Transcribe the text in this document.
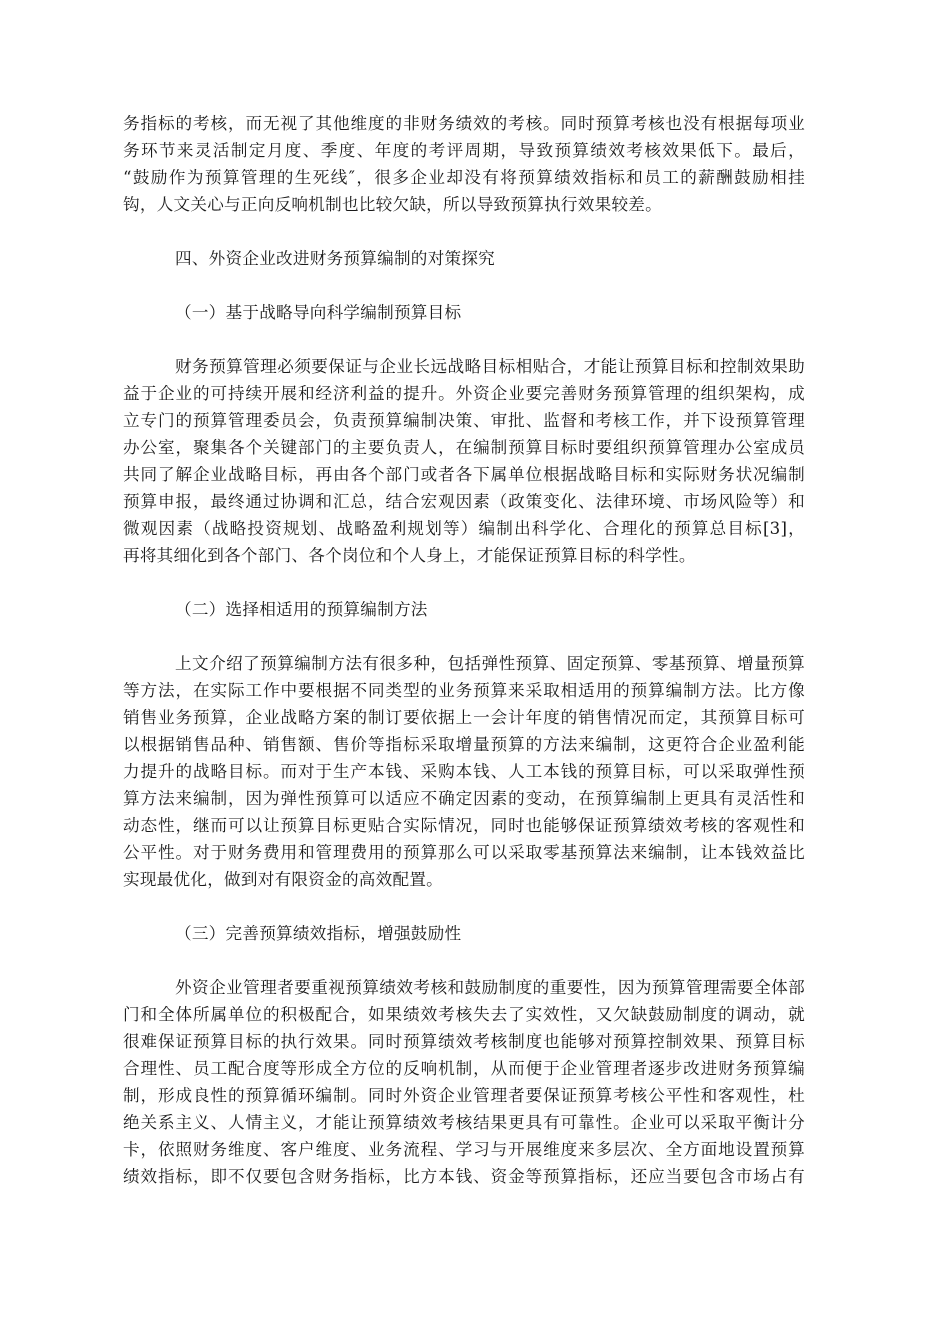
务指标的考核，而无视了其他维度的非财务绩效的考核。同时预算考核也没有根据每项业
务环节来灵活制定月度、季度、年度的考评周期，导致预算绩效考核效果低下。最后，
“鼓励作为预算管理的生死线″，很多企业却没有将预算绩效指标和员工的薪酬鼓励相挂
钩，人文关心与正向反响机制也比较欠缺，所以导致预算执行效果较差。
四、外资企业改进财务预算编制的对策探究
（一）基于战略导向科学编制预算目标
财务预算管理必须要保证与企业长远战略目标相贴合，才能让预算目标和控制效果助
益于企业的可持续开展和经济利益的提升。外资企业要完善财务预算管理的组织架构，成
立专门的预算管理委员会，负责预算编制决策、审批、监督和考核工作，并下设预算管理
办公室，聚集各个关键部门的主要负责人，在编制预算目标时要组织预算管理办公室成员
共同了解企业战略目标，再由各个部门或者各下属单位根据战略目标和实际财务状况编制
预算申报，最终通过协调和汇总，结合宏观因素（政策变化、法律环境、市场风险等）和
微观因素（战略投资规划、战略盈利规划等）编制出科学化、合理化的预算总目标[3]，
再将其细化到各个部门、各个岗位和个人身上，才能保证预算目标的科学性。
（二）选择相适用的预算编制方法
上文介绍了预算编制方法有很多种，包括弹性预算、固定预算、零基预算、增量预算
等方法，在实际工作中要根据不同类型的业务预算来采取相适用的预算编制方法。比方像
销售业务预算，企业战略方案的制订要依据上一会计年度的销售情况而定，其预算目标可
以根据销售品种、销售额、售价等指标采取增量预算的方法来编制，这更符合企业盈利能
力提升的战略目标。而对于生产本钱、采购本钱、人工本钱的预算目标，可以采取弹性预
算方法来编制，因为弹性预算可以适应不确定因素的变动，在预算编制上更具有灵活性和
动态性，继而可以让预算目标更贴合实际情况，同时也能够保证预算绩效考核的客观性和
公平性。对于财务费用和管理费用的预算那么可以采取零基预算法来编制，让本钱效益比
实现最优化，做到对有限资金的高效配置。
（三）完善预算绩效指标，增强鼓励性
外资企业管理者要重视预算绩效考核和鼓励制度的重要性，因为预算管理需要全体部
门和全体所属单位的积极配合，如果绩效考核失去了实效性，又欠缺鼓励制度的调动，就
很难保证预算目标的执行效果。同时预算绩效考核制度也能够对预算控制效果、预算目标
合理性、员工配合度等形成全方位的反响机制，从而便于企业管理者逐步改进财务预算编
制，形成良性的预算循环编制。同时外资企业管理者要保证预算考核公平性和客观性，杜
绝关系主义、人情主义，才能让预算绩效考核结果更具有可靠性。企业可以采取平衡计分
卡，依照财务维度、客户维度、业务流程、学习与开展维度来多层次、全方面地设置预算
绩效指标，即不仅要包含财务指标，比方本钱、资金等预算指标，还应当要包含市场占有
